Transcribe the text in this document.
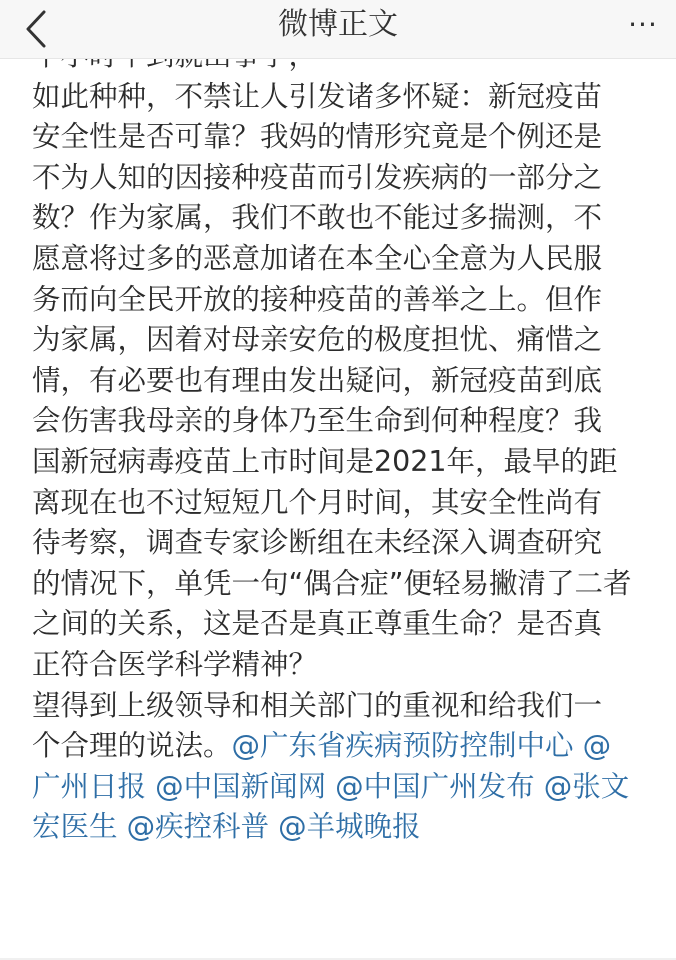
微博正文	···
如此种种，不禁让人引发诸多怀疑：新冠疫苗
安全性是否可靠？我妈的情形究竟是个例还是
不为人知的因接种疫苗而引发疾病的一部分之
数？作为家属，我们不敢也不能过多揣测，不
愿意将过多的恶意加诸在本全心全意为人民服
务而向全民开放的接种疫苗的善举之上。但作
为家属，因着对母亲安危的极度担忧、痛惜之
情，有必要也有理由发出疑问，新冠疫苗到底
会伤害我母亲的身体乃至生命到何种程度？我
国新冠病毒疫苗上市时间是2021年，最早的距
离现在也不过短短几个月时间，其安全性尚有
待考察，调查专家诊断组在未经深入调查研究
的情况下，单凭一句“偶合症”便轻易撇清了二者
之间的关系，这是否是真正尊重生命？是否真
正符合医学科学精神？
望得到上级领导和相关部门的重视和给我们一
个合理的说法。@广东省疾病预防控制中心 @
广州日报 @中国新闻网 @中国广州发布 @张文
宏医生 @疾控科普 @羊城晚报
